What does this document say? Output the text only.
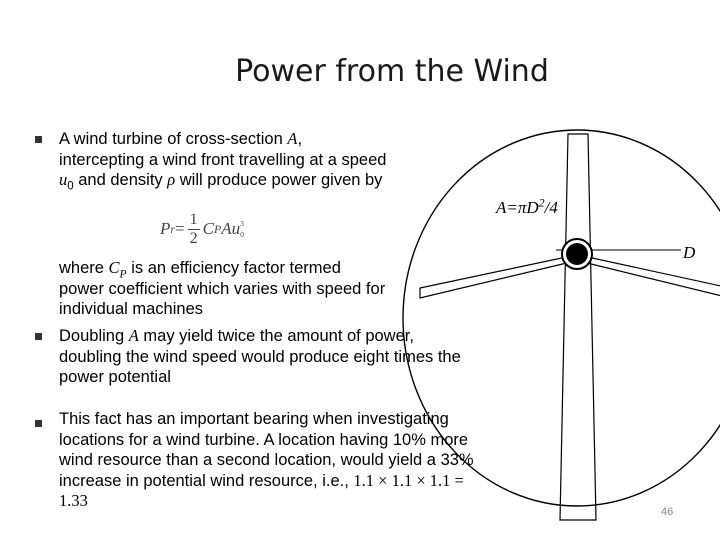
Power from the Wind
$A=\pi D^2/4$
D
A wind turbine of cross-section A,
intercepting a wind front travelling at a speed
$u_0$ and density ρ will produce power given by
P $r = \frac{1}{2}$ C P Au 3
0
where $C_P$ is an efficiency factor termed
power coefficient which varies with speed for
individual machines
Doubling A may yield twice the amount of power,
doubling the wind speed would produce eight times the
power potential
This fact has an important bearing when investigating
locations for a wind turbine. A location having 10% more
wind resource than a second location, would yield a 33%
increase in potential wind resource, i.e., 1.1 × 1.1 × 1.1 =
1.33
46
